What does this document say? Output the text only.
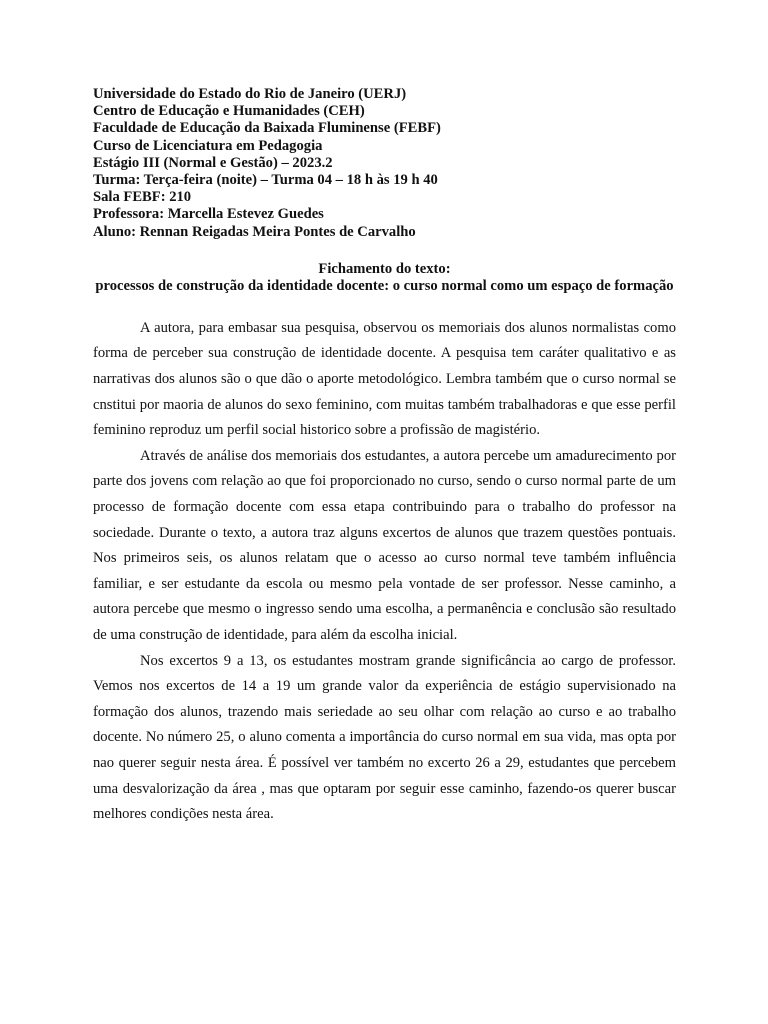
Universidade do Estado do Rio de Janeiro (UERJ)

Centro de Educação e Humanidades (CEH)

Faculdade de Educação da Baixada Fluminense (FEBF)

Curso de Licenciatura em Pedagogia

Estágio III (Normal e Gestão) – 2023.2

Turma: Terça-feira (noite) – Turma 04 – 18 h às 19 h 40

Sala FEBF: 210

Professora: Marcella Estevez Guedes

Aluno: Rennan Reigadas Meira Pontes de Carvalho

Fichamento do texto:
processos de construção da identidade docente: o curso normal como um espaço de formação

A autora, para embasar sua pesquisa, observou os memoriais dos alunos normalistas como forma de perceber sua construção de identidade docente. A pesquisa tem caráter qualitativo e as narrativas dos alunos são o que dão o aporte metodológico. Lembra também que o curso normal se cnstitui por maoria de alunos do sexo feminino, com muitas também trabalhadoras e que esse perfil feminino reproduz um perfil social historico sobre a profissão de magistério.

Através de análise dos memoriais dos estudantes, a autora percebe um amadurecimento por parte dos jovens com relação ao que foi proporcionado no curso, sendo o curso normal parte de um processo de formação docente com essa etapa contribuindo para o trabalho do professor na sociedade. Durante o texto, a autora traz alguns excertos de alunos que trazem questões pontuais. Nos primeiros seis, os alunos relatam que o acesso ao curso normal teve também influência familiar, e ser estudante da escola ou mesmo pela vontade de ser professor. Nesse caminho, a autora percebe que mesmo o ingresso sendo uma escolha, a permanência e conclusão são resultado de uma construção de identidade, para além da escolha inicial.

Nos excertos 9 a 13, os estudantes mostram grande significância ao cargo de professor. Vemos nos excertos de 14 a 19 um grande valor da experiência de estágio supervisionado na formação dos alunos, trazendo mais seriedade ao seu olhar com relação ao curso e ao trabalho docente. No número 25, o aluno comenta a importância do curso normal em sua vida, mas opta por nao querer seguir nesta área. É possível ver também no excerto 26 a 29, estudantes que percebem uma desvalorização da área , mas que optaram por seguir esse caminho, fazendo-os querer buscar melhores condições nesta área.
